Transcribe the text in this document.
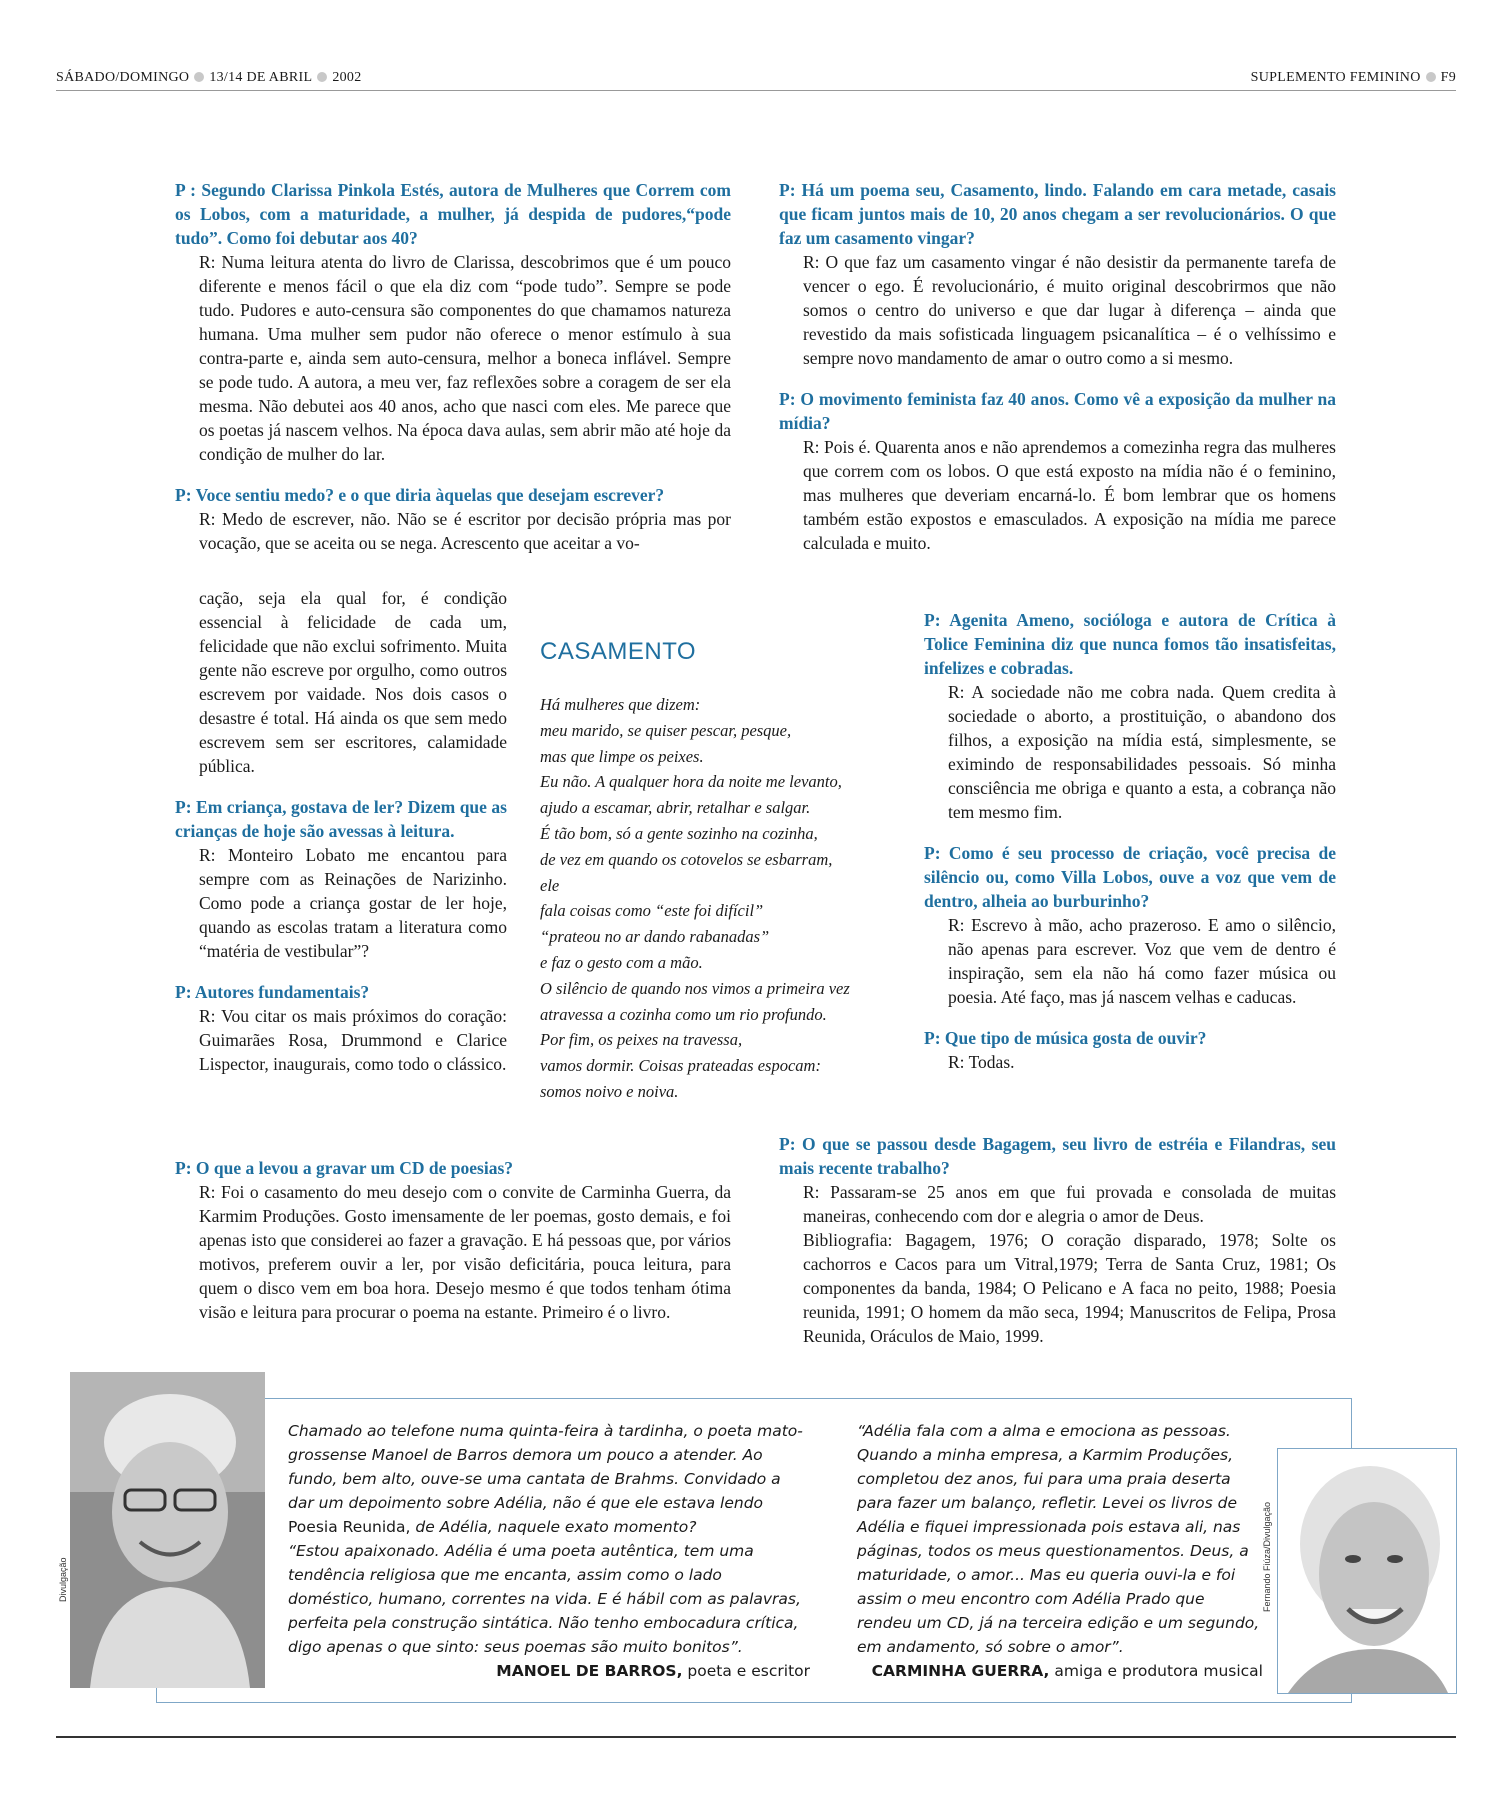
SÁBADO/DOMINGO 13/14 DE ABRIL 2002	SUPLEMENTO FEMININO F9

P : Segundo Clarissa Pinkola Estés, autora de Mulheres que Correm com os Lobos, com a maturidade, a mulher, já despida de pudores,“pode tudo”. Como foi debutar aos 40?

R: Numa leitura atenta do livro de Clarissa, descobrimos que é um pouco diferente e menos fácil o que ela diz com “pode tudo”. Sempre se pode tudo. Pudores e auto-censura são componentes do que chamamos natureza humana. Uma mulher sem pudor não oferece o menor estímulo à sua contra-parte e, ainda sem auto-censura, melhor a boneca inflável. Sempre se pode tudo. A autora, a meu ver, faz reflexões sobre a coragem de ser ela mesma. Não debutei aos 40 anos, acho que nasci com eles. Me parece que os poetas já nascem velhos. Na época dava aulas, sem abrir mão até hoje da condição de mulher do lar.

P: Voce sentiu medo? e o que diria àquelas que desejam escrever?

R: Medo de escrever, não. Não se é escritor por decisão própria mas por vocação, que se aceita ou se nega. Acrescento que aceitar a vo-

cação, seja ela qual for, é condição essencial à felicidade de cada um, felicidade que não exclui sofrimento. Muita gente não escreve por orgulho, como outros escrevem por vaidade. Nos dois casos o desastre é total. Há ainda os que sem medo escrevem sem ser escritores, calamidade pública.

P: Em criança, gostava de ler? Dizem que as crianças de hoje são avessas à leitura.

R: Monteiro Lobato me encantou para sempre com as Reinações de Narizinho. Como pode a criança gostar de ler hoje, quando as escolas tratam a literatura como “matéria de vestibular”?

P: Autores fundamentais?

R: Vou citar os mais próximos do coração: Guimarães Rosa, Drummond e Clarice Lispector, inaugurais, como todo o clássico.

P: O que a levou a gravar um CD de poesias?

R: Foi o casamento do meu desejo com o convite de Carminha Guerra, da Karmim Produções. Gosto imensamente de ler poemas, gosto demais, e foi apenas isto que considerei ao fazer a gravação. E há pessoas que, por vários motivos, preferem ouvir a ler, por visão deficitária, pouca leitura, para quem o disco vem em boa hora. Desejo mesmo é que todos tenham ótima visão e leitura para procurar o poema na estante. Primeiro é o livro.

CASAMENTO
Há mulheres que dizem:
meu marido, se quiser pescar, pesque,
mas que limpe os peixes.
Eu não. A qualquer hora da noite me levanto,
ajudo a escamar, abrir, retalhar e salgar.
É tão bom, só a gente sozinho na cozinha,
de vez em quando os cotovelos se esbarram,
ele
fala coisas como “este foi difícil”
“prateou no ar dando rabanadas”
e faz o gesto com a mão.
O silêncio de quando nos vimos a primeira vez
atravessa a cozinha como um rio profundo.
Por fim, os peixes na travessa,
vamos dormir. Coisas prateadas espocam:
somos noivo e noiva.

P: Há um poema seu, Casamento, lindo. Falando em cara metade, casais que ficam juntos mais de 10, 20 anos chegam a ser revolucionários. O que faz um casamento vingar?

R: O que faz um casamento vingar é não desistir da permanente tarefa de vencer o ego. É revolucionário, é muito original descobrirmos que não somos o centro do universo e que dar lugar à diferença – ainda que revestido da mais sofisticada linguagem psicanalítica – é o velhíssimo e sempre novo mandamento de amar o outro como a si mesmo.

P: O movimento feminista faz 40 anos. Como vê a exposição da mulher na mídia?

R: Pois é. Quarenta anos e não aprendemos a comezinha regra das mulheres que correm com os lobos. O que está exposto na mídia não é o feminino, mas mulheres que deveriam encarná-lo. É bom lembrar que os homens também estão expostos e emasculados. A exposição na mídia me parece calculada e muito.

P: Agenita Ameno, socióloga e autora de Crítica à Tolice Feminina diz que nunca fomos tão insatisfeitas, infelizes e cobradas.

R: A sociedade não me cobra nada. Quem credita à sociedade o aborto, a prostituição, o abandono dos filhos, a exposição na mídia está, simplesmente, se eximindo de responsabilidades pessoais. Só minha consciência me obriga e quanto a esta, a cobrança não tem mesmo fim.

P: Como é seu processo de criação, você precisa de silêncio ou, como Villa Lobos, ouve a voz que vem de dentro, alheia ao burburinho?

R: Escrevo à mão, acho prazeroso. E amo o silêncio, não apenas para escrever. Voz que vem de dentro é inspiração, sem ela não há como fazer música ou poesia. Até faço, mas já nascem velhas e caducas.

P: Que tipo de música gosta de ouvir?

R: Todas.

P: O que se passou desde Bagagem, seu livro de estréia e Filandras, seu mais recente trabalho?

R: Passaram-se 25 anos em que fui provada e consolada de muitas maneiras, conhecendo com dor e alegria o amor de Deus.

Bibliografia: Bagagem, 1976; O coração disparado, 1978; Solte os cachorros e Cacos para um Vitral,1979; Terra de Santa Cruz, 1981; Os componentes da banda, 1984; O Pelicano e A faca no peito, 1988; Poesia reunida, 1991; O homem da mão seca, 1994; Manuscritos de Felipa, Prosa Reunida, Oráculos de Maio, 1999.

Divulgação
Chamado ao telefone numa quinta-feira à tardinha, o poeta mato-grossense Manoel de Barros demora um pouco a atender. Ao fundo, bem alto, ouve-se uma cantata de Brahms. Convidado a dar um depoimento sobre Adélia, não é que ele estava lendo Poesia Reunida, de Adélia, naquele exato momento?
“Estou apaixonado. Adélia é uma poeta autêntica, tem uma tendência religiosa que me encanta, assim como o lado doméstico, humano, correntes na vida. E é hábil com as palavras, perfeita pela construção sintática. Não tenho embocadura crítica, digo apenas o que sinto: seus poemas são muito bonitos”.
MANOEL DE BARROS, poeta e escritor
“Adélia fala com a alma e emociona as pessoas. Quando a minha empresa, a Karmim Produções, completou dez anos, fui para uma praia deserta para fazer um balanço, refletir. Levei os livros de Adélia e fiquei impressionada pois estava ali, nas páginas, todos os meus questionamentos. Deus, a maturidade, o amor... Mas eu queria ouvi-la e foi assim o meu encontro com Adélia Prado que rendeu um CD, já na terceira edição e um segundo, em andamento, só sobre o amor”.
CARMINHA GUERRA, amiga e produtora musical
Fernando Fiúza/Divulgação
